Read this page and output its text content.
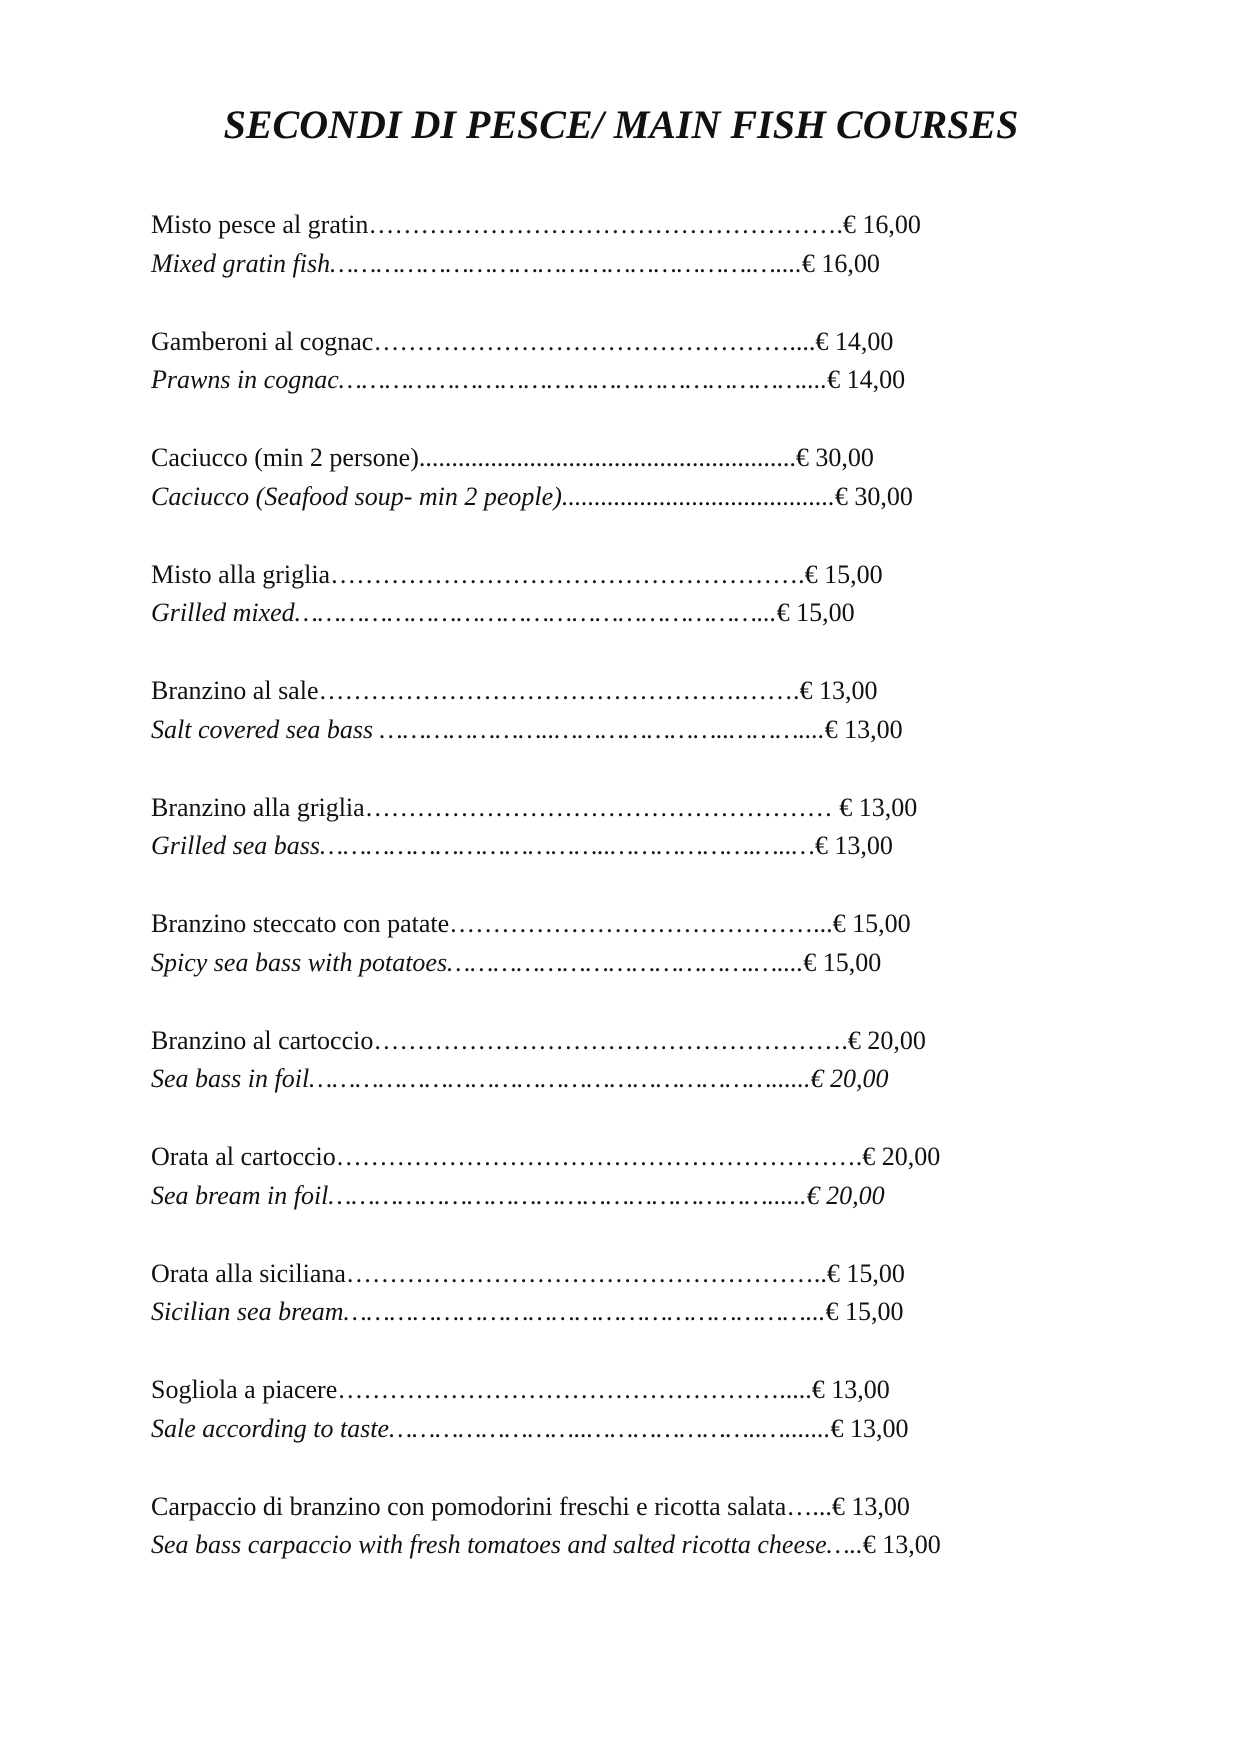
SECONDI DI PESCE/ MAIN FISH COURSES
Misto pesce al gratin……………………………………………….€ 16,00
Mixed gratin fish……………………………………………….…....€ 16,00
Gamberoni al cognac…………………………………………....€ 14,00
Prawns in cognac……………………………………………………....€ 14,00
Caciucco (min 2 persone)..........................................................€ 30,00
Caciucco (Seafood soup- min 2 people)..........................................€ 30,00
Misto alla griglia……………………………………………….€ 15,00
Grilled mixed……………………………………………………...€ 15,00
Branzino al sale………………………………………….…….€ 13,00
Salt covered sea bass …………………..…………………..………....€ 13,00
Branzino alla griglia……………………………………………… € 13,00
Grilled sea bass………………………………..……………….…..…€ 13,00
Branzino steccato con patate……………………………………...€ 15,00
Spicy sea bass with potatoes………………………………….…....€ 15,00
Branzino al cartoccio……………………………………………….€ 20,00
Sea bass in foil……………………………………………………......€ 20,00
Orata al cartoccio…………………………………………………….€ 20,00
Sea bream in foil…………………………………………………......€ 20,00
Orata alla siciliana………………………………………………..€ 15,00
Sicilian sea bream……………………………………………………...€ 15,00
Sogliola a piacere…………………………………………….....€ 13,00
Sale according to taste……………………..…………………..….......€ 13,00
Carpaccio di branzino con pomodorini freschi e ricotta salata…...€ 13,00
Sea bass carpaccio with fresh tomatoes and salted ricotta cheese…..€ 13,00
